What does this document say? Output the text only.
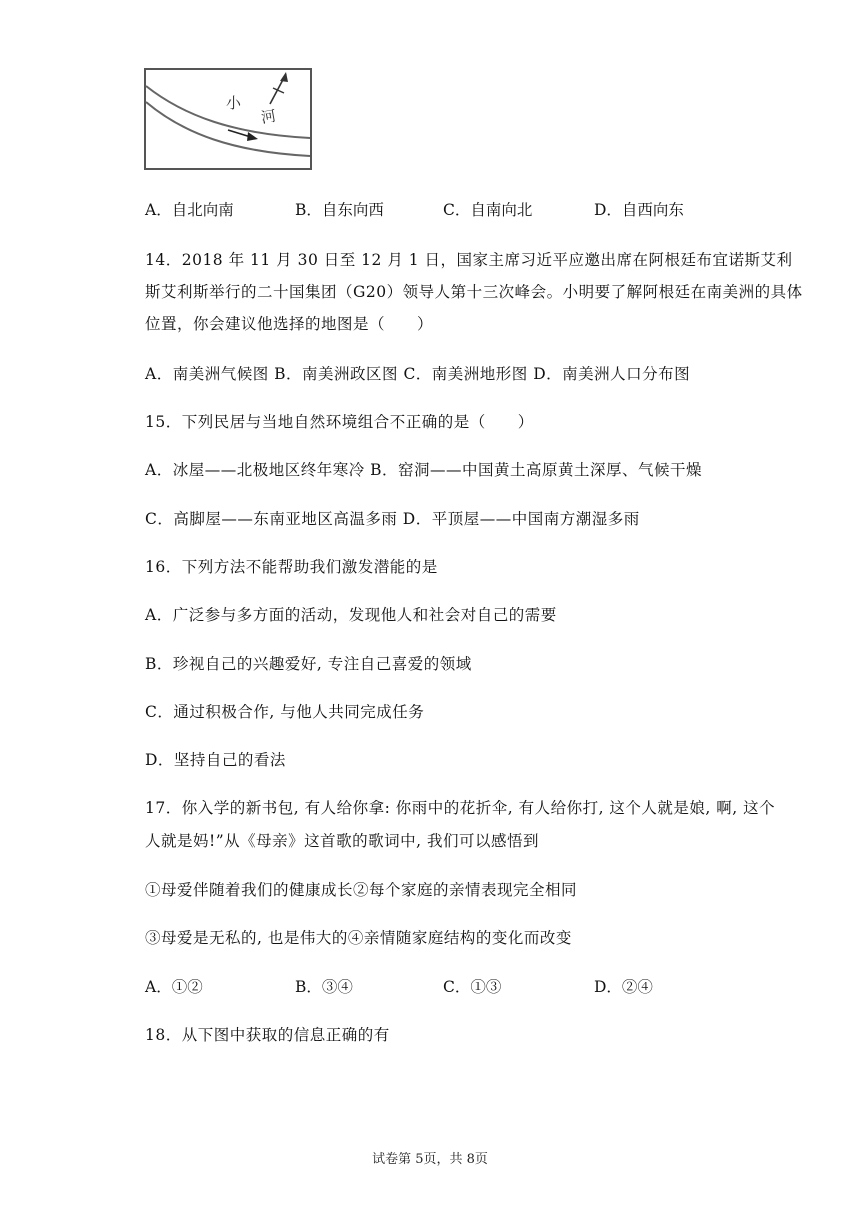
小
河
A．自北向南	B．自东向西	C．自南向北	D．自西向东
14．2018 年 11 月 30 日至 12 月 1 日，国家主席习近平应邀出席在阿根廷布宜诺斯艾利
斯艾利斯举行的二十国集团（G20）领导人第十三次峰会。小明要了解阿根廷在南美洲的具体
位置，你会建议他选择的地图是（　　）
A．南美洲气候图 B．南美洲政区图 C．南美洲地形图 D．南美洲人口分布图
15．下列民居与当地自然环境组合不正确的是（　　）
A．冰屋——北极地区终年寒冷 B．窑洞——中国黄土高原黄土深厚、气候干燥
C．高脚屋——东南亚地区高温多雨 D．平顶屋——中国南方潮湿多雨
16．下列方法不能帮助我们激发潜能的是
A．广泛参与多方面的活动，发现他人和社会对自己的需要
B．珍视自己的兴趣爱好, 专注自己喜爱的领域
C．通过积极合作, 与他人共同完成任务
D．坚持自己的看法
17．你入学的新书包, 有人给你拿: 你雨中的花折伞, 有人给你打, 这个人就是娘, 啊, 这个
人就是妈!”从《母亲》这首歌的歌词中, 我们可以感悟到
①母爱伴随着我们的健康成长②每个家庭的亲情表现完全相同
③母爱是无私的, 也是伟大的④亲情随家庭结构的变化而改变
A．①②	B．③④	C．①③	D．②④
18．从下图中获取的信息正确的有
试卷第 5页，共 8页
